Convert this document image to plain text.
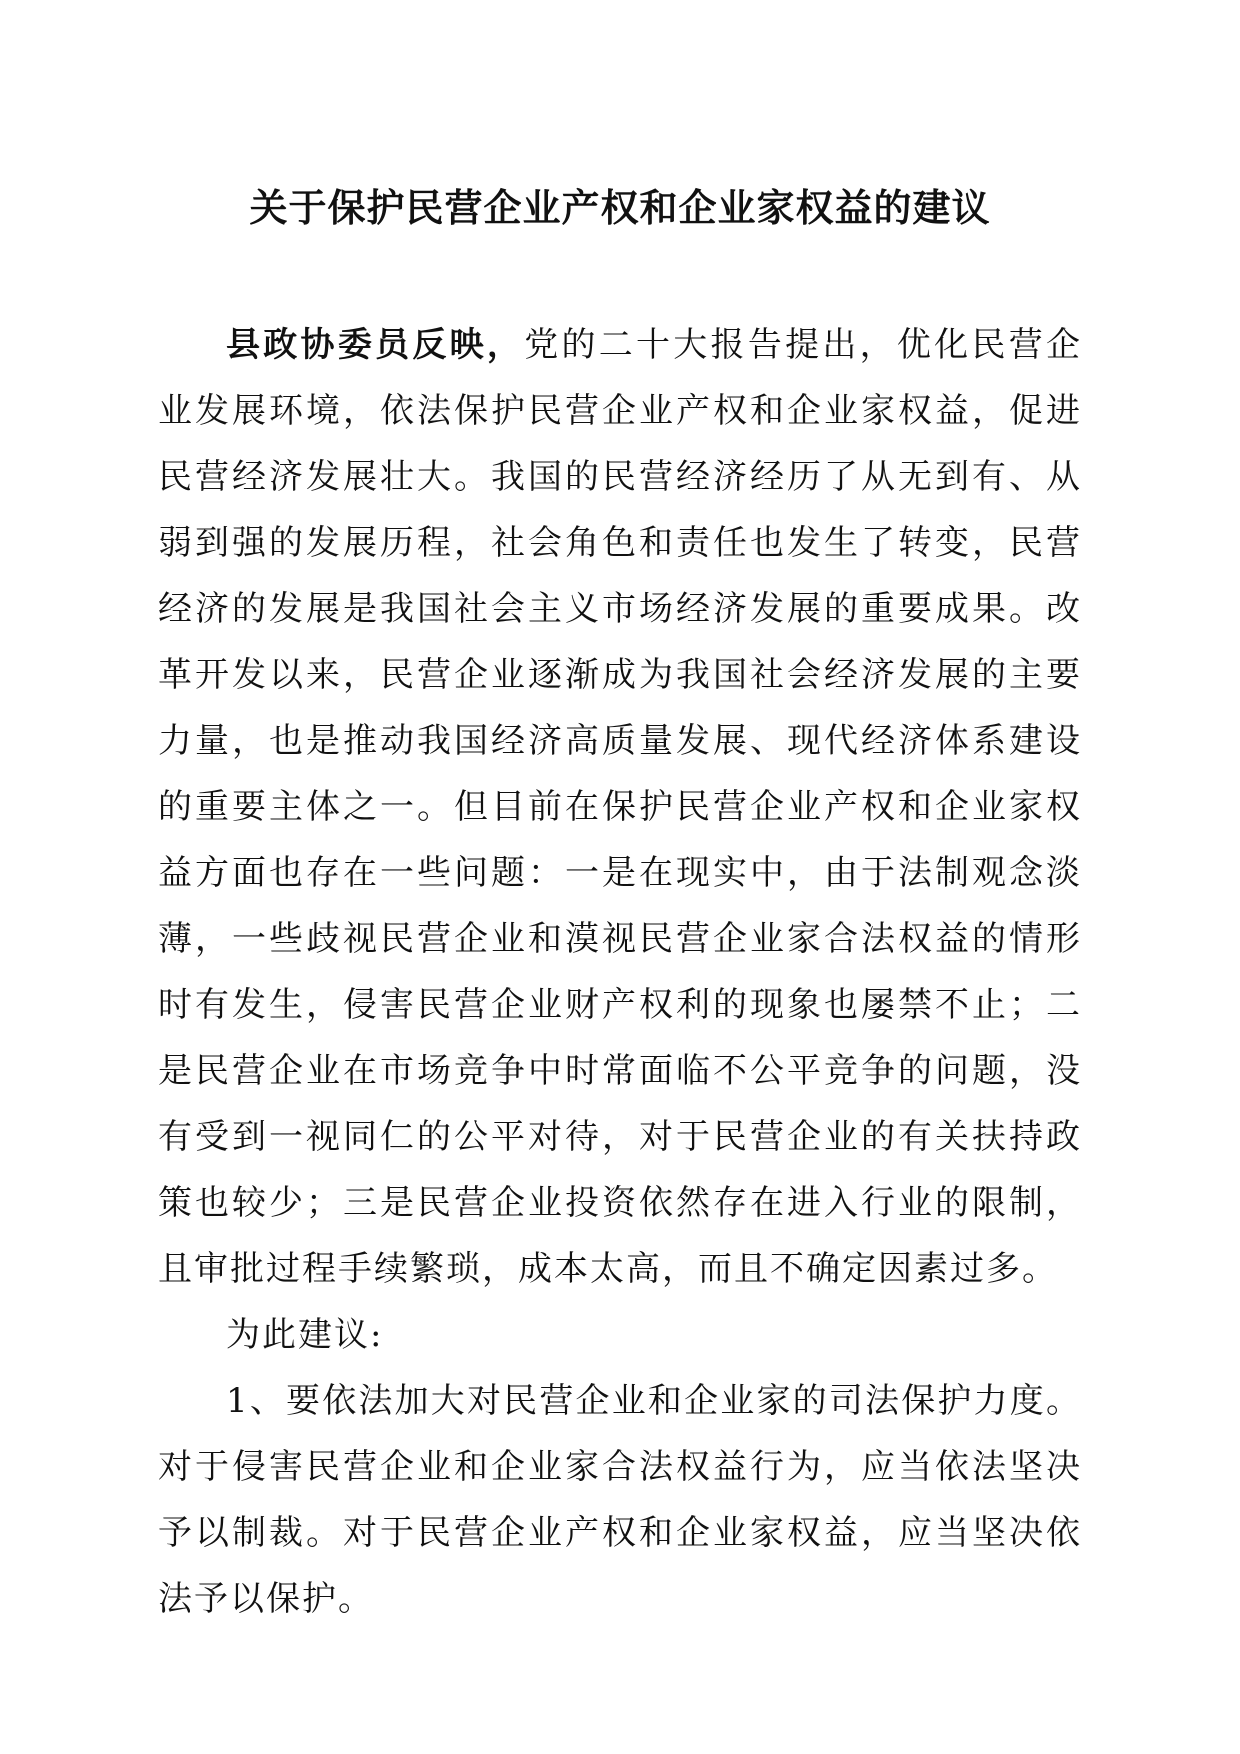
关于保护民营企业产权和企业家权益的建议

县政协委员反映，党的二十大报告提出，优化民营企业发展环境，依法保护民营企业产权和企业家权益，促进民营经济发展壮大。我国的民营经济经历了从无到有、从弱到强的发展历程，社会角色和责任也发生了转变，民营经济的发展是我国社会主义市场经济发展的重要成果。改革开发以来，民营企业逐渐成为我国社会经济发展的主要力量，也是推动我国经济高质量发展、现代经济体系建设的重要主体之一。但目前在保护民营企业产权和企业家权益方面也存在一些问题：一是在现实中，由于法制观念淡薄，一些歧视民营企业和漠视民营企业家合法权益的情形时有发生，侵害民营企业财产权利的现象也屡禁不止；二是民营企业在市场竞争中时常面临不公平竞争的问题，没有受到一视同仁的公平对待，对于民营企业的有关扶持政策也较少；三是民营企业投资依然存在进入行业的限制，且审批过程手续繁琐，成本太高，而且不确定因素过多。

为此建议:

1、要依法加大对民营企业和企业家的司法保护力度。对于侵害民营企业和企业家合法权益行为，应当依法坚决予以制裁。对于民营企业产权和企业家权益，应当坚决依法予以保护。
